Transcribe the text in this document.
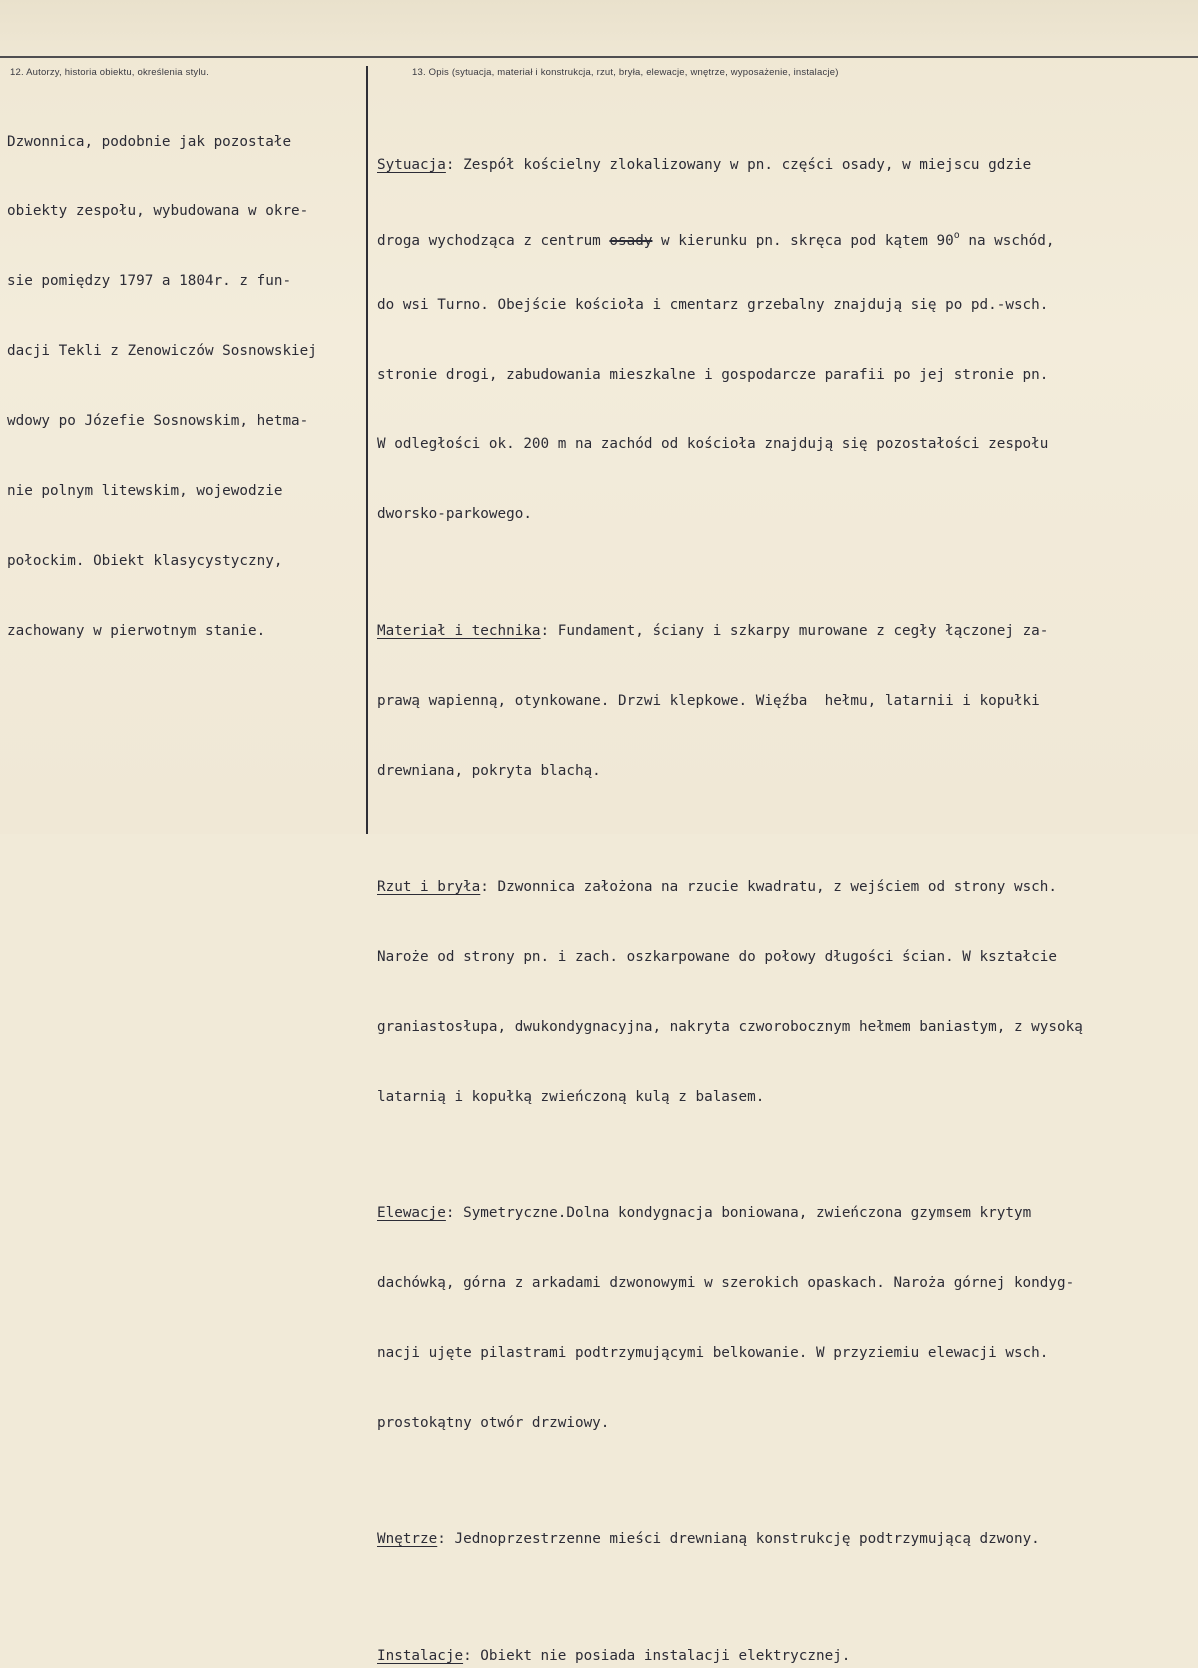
12. Autorzy, historia obiektu, określenia stylu.	13. Opis (sytuacja, materiał i konstrukcja, rzut, bryła, elewacje, wnętrze, wyposażenie, instalacje)

Dzwonnica, podobnie jak pozostałe

obiekty zespołu, wybudowana w okre-

sie pomiędzy 1797 a 1804r. z fun-

dacji Tekli z Zenowiczów Sosnowskiej

wdowy po Józefie Sosnowskim, hetma-

nie polnym litewskim, wojewodzie

połockim. Obiekt klasycystyczny,

zachowany w pierwotnym stanie.

Sytuacja: Zespół kościelny zlokalizowany w pn. części osady, w miejscu gdzie

droga wychodząca z centrum osady w kierunku pn. skręca pod kątem 90$^o$ na wschód,

do wsi Turno. Obejście kościoła i cmentarz grzebalny znajdują się po pd.-wsch.

stronie drogi, zabudowania mieszkalne i gospodarcze parafii po jej stronie pn.

W odległości ok. 200 m na zachód od kościoła znajdują się pozostałości zespołu

dworsko-parkowego.

Materiał i technika: Fundament, ściany i szkarpy murowane z cegły łączonej za-

prawą wapienną, otynkowane. Drzwi klepkowe. Więźba  hełmu, latarnii i kopułki

drewniana, pokryta blachą.

Rzut i bryła: Dzwonnica założona na rzucie kwadratu, z wejściem od strony wsch.

Naroże od strony pn. i zach. oszkarpowane do połowy długości ścian. W kształcie

graniastosłupa, dwukondygnacyjna, nakryta czworobocznym hełmem baniastym, z wysoką

latarnią i kopułką zwieńczoną kulą z balasem.

Elewacje: Symetryczne.Dolna kondygnacja boniowana, zwieńczona gzymsem krytym

dachówką, górna z arkadami dzwonowymi w szerokich opaskach. Naroża górnej kondyg-

nacji ujęte pilastrami podtrzymującymi belkowanie. W przyziemiu elewacji wsch.

prostokątny otwór drzwiowy.

Wnętrze: Jednoprzestrzenne mieści drewnianą konstrukcję podtrzymującą dzwony.

Instalacje: Obiekt nie posiada instalacji elektrycznej.
